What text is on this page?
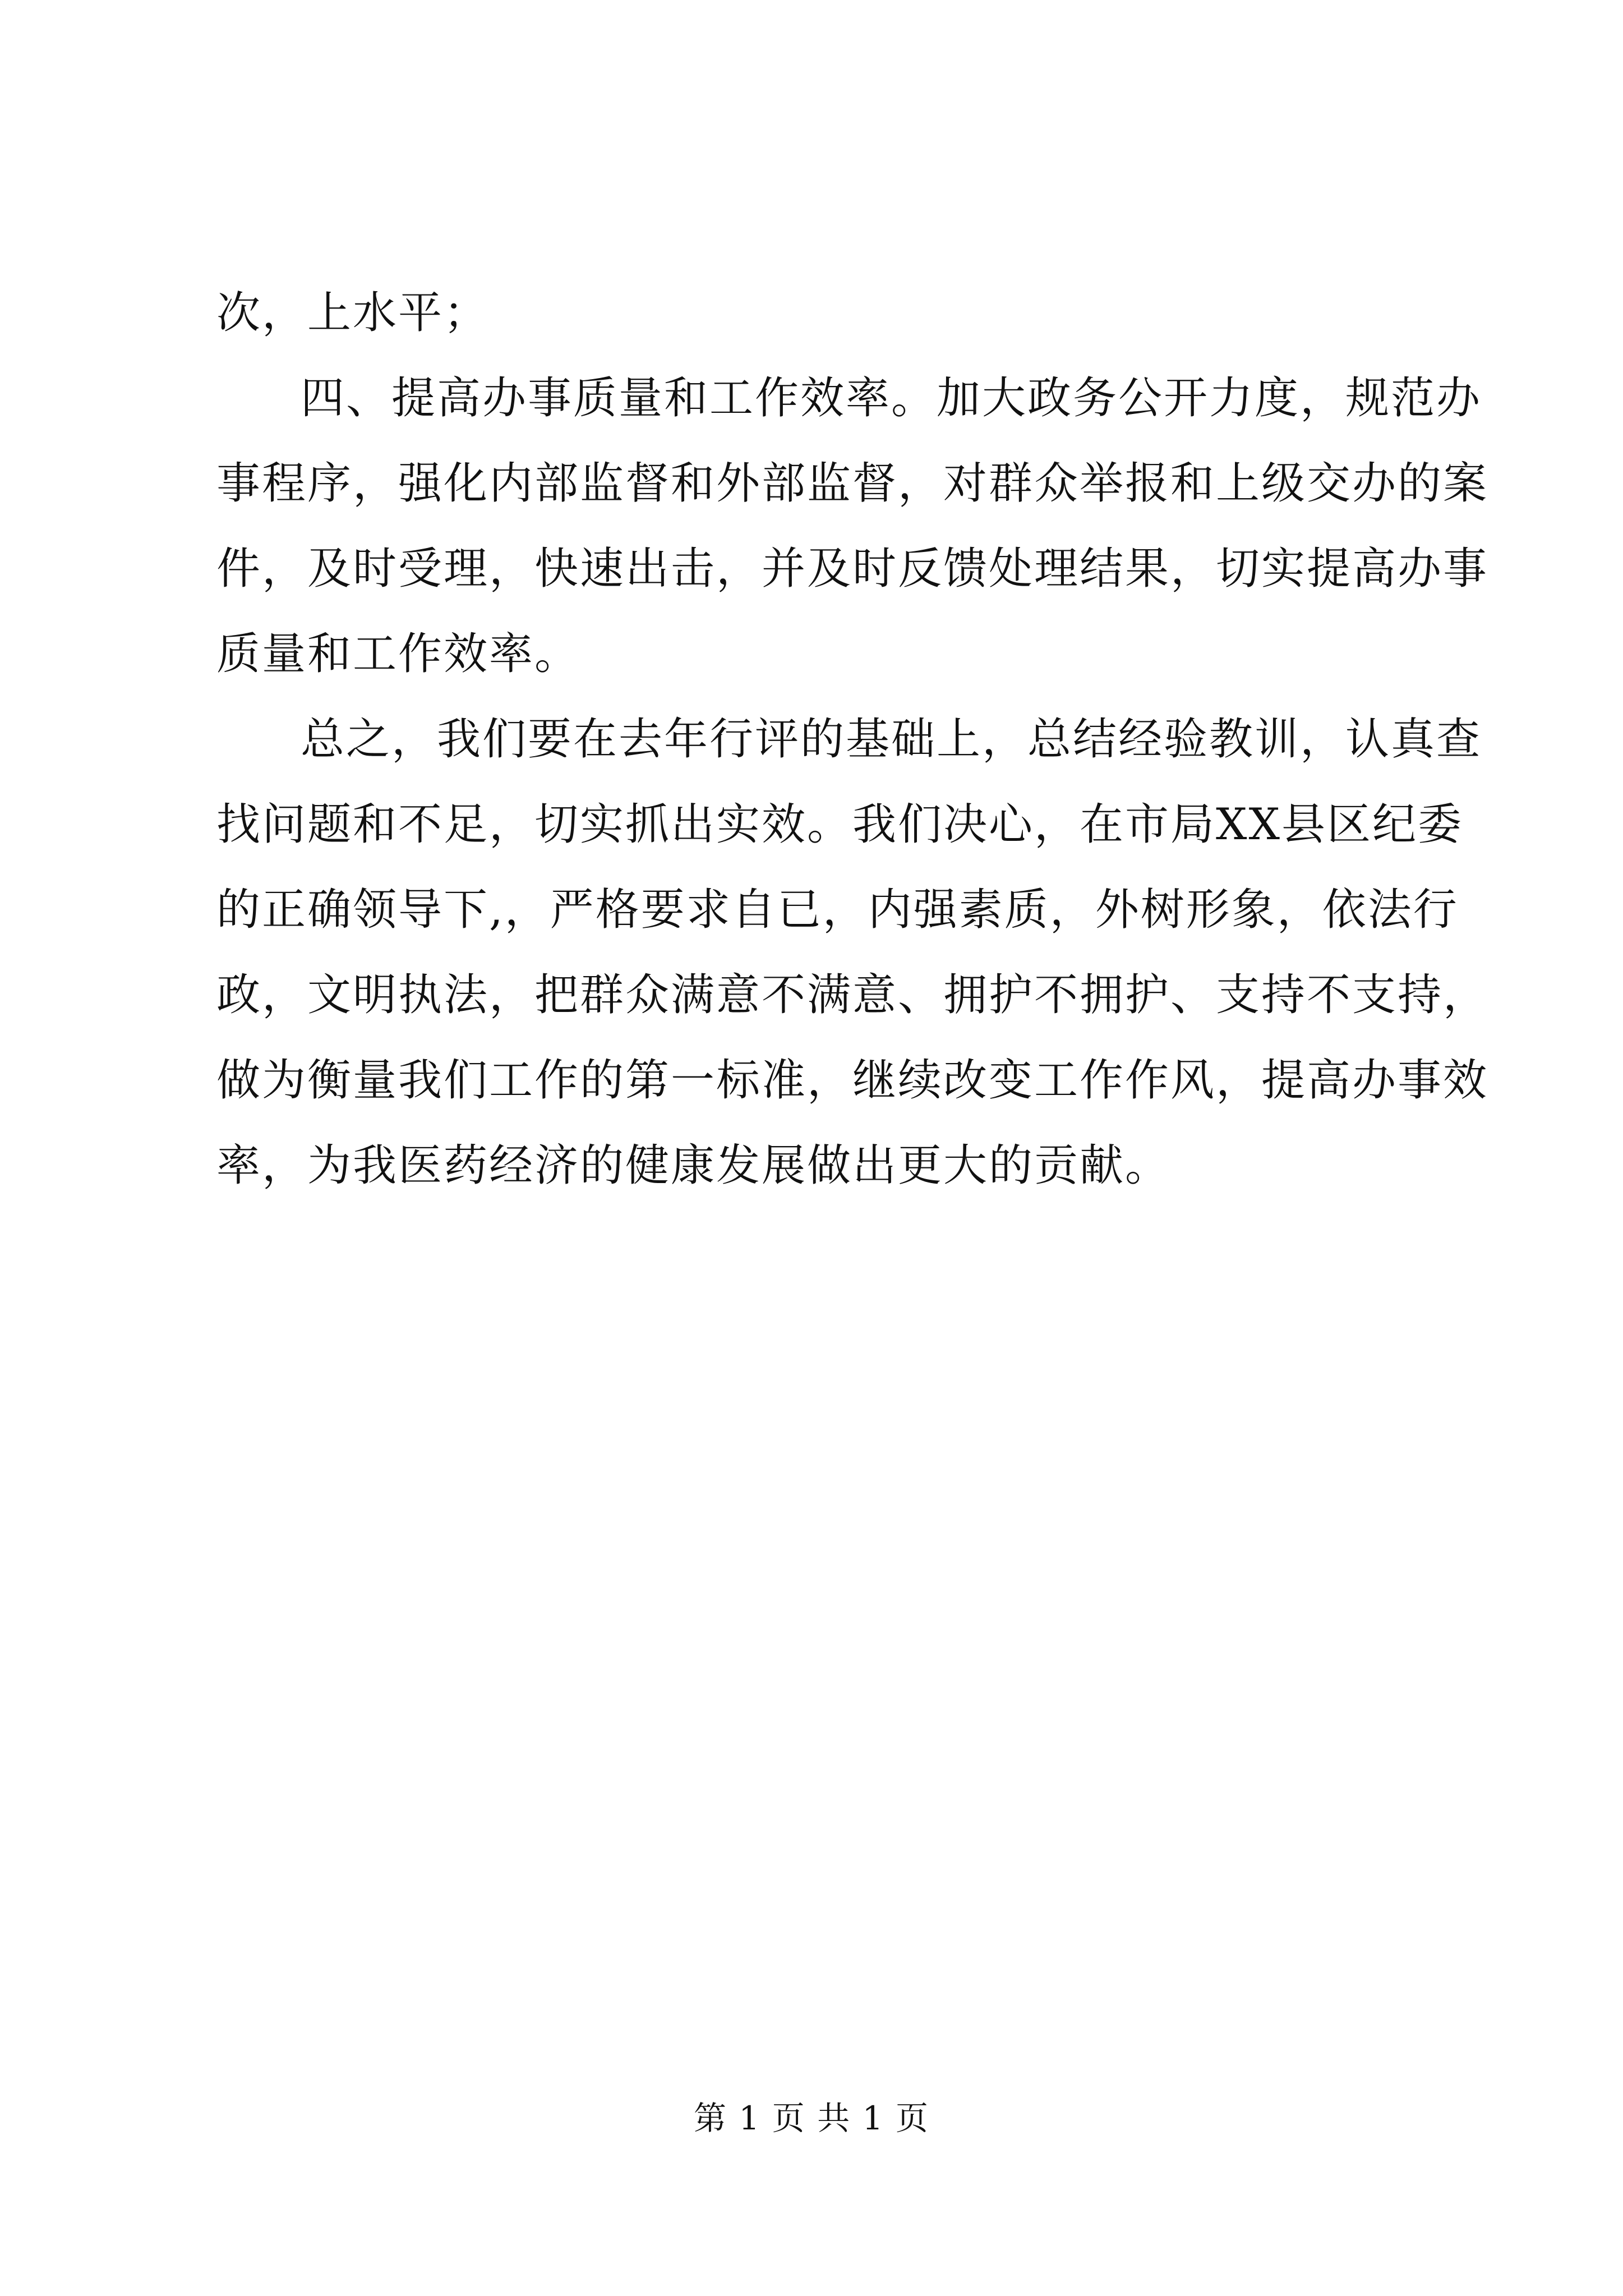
次，上水平；
四、提高办事质量和工作效率。加大政务公开力度，规范办
事程序，强化内部监督和外部监督，对群众举报和上级交办的案
件，及时受理，快速出击，并及时反馈处理结果，切实提高办事
质量和工作效率。
总之，我们要在去年行评的基础上，总结经验教训，认真查
找问题和不足，切实抓出实效。我们决心，在市局XX县区纪委
的正确领导下,，严格要求自已，内强素质，外树形象，依法行
政，文明执法，把群众满意不满意、拥护不拥护、支持不支持，
做为衡量我们工作的第一标准，继续改变工作作风，提高办事效
率，为我医药经济的健康发展做出更大的贡献。
第 1 页 共 1 页
